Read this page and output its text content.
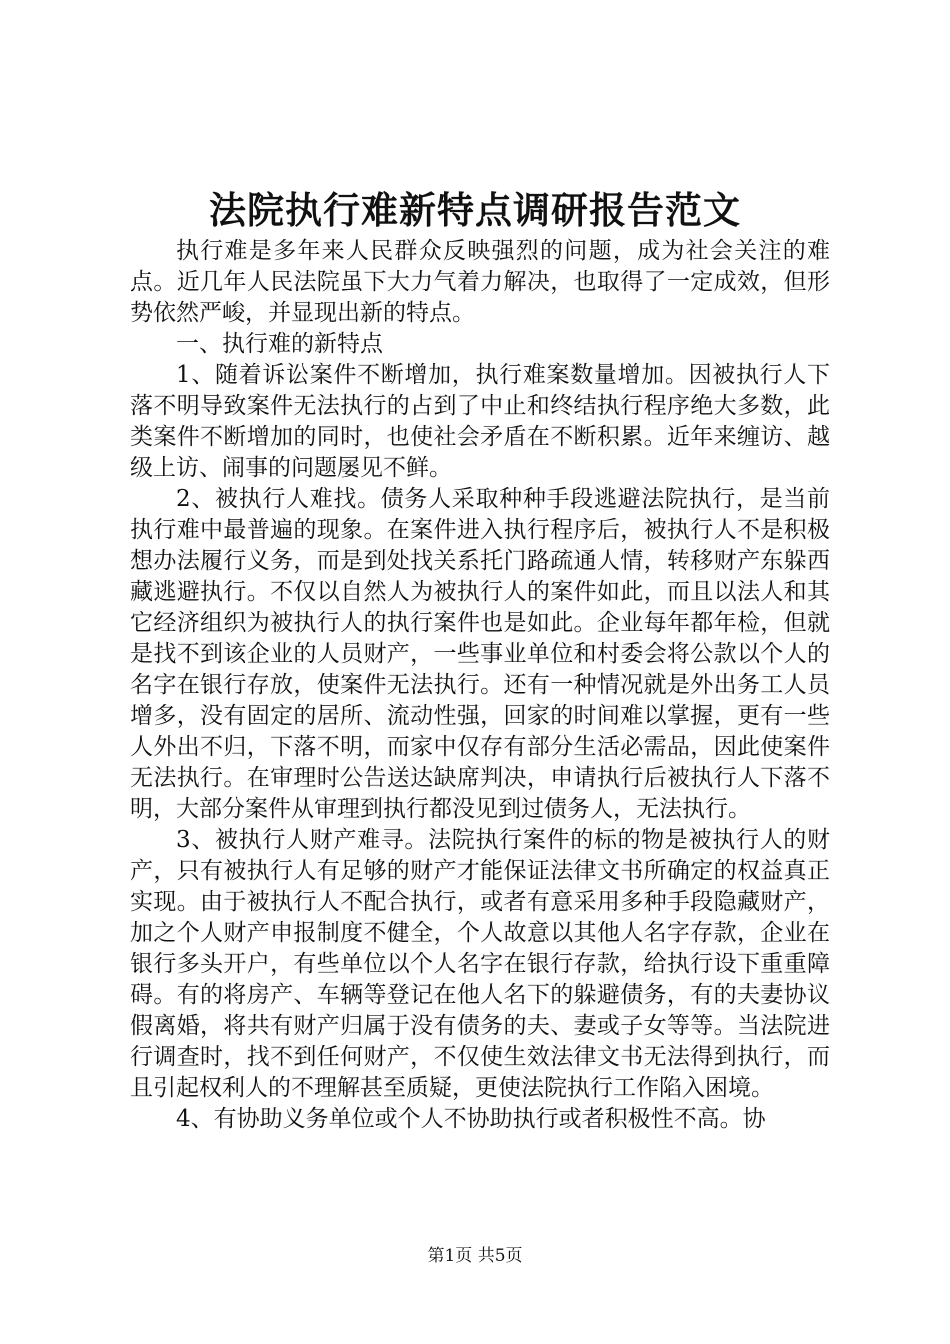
法院执行难新特点调研报告范文

执行难是多年来人民群众反映强烈的问题，成为社会关注的难点。近几年人民法院虽下大力气着力解决，也取得了一定成效，但形势依然严峻，并显现出新的特点。

一、执行难的新特点

1、随着诉讼案件不断增加，执行难案数量增加。因被执行人下落不明导致案件无法执行的占到了中止和终结执行程序绝大多数，此类案件不断增加的同时，也使社会矛盾在不断积累。近年来缠访、越级上访、闹事的问题屡见不鲜。

2、被执行人难找。债务人采取种种手段逃避法院执行，是当前执行难中最普遍的现象。在案件进入执行程序后，被执行人不是积极想办法履行义务，而是到处找关系托门路疏通人情，转移财产东躲西藏逃避执行。不仅以自然人为被执行人的案件如此，而且以法人和其它经济组织为被执行人的执行案件也是如此。企业每年都年检，但就是找不到该企业的人员财产，一些事业单位和村委会将公款以个人的名字在银行存放，使案件无法执行。还有一种情况就是外出务工人员增多，没有固定的居所、流动性强，回家的时间难以掌握，更有一些人外出不归，下落不明，而家中仅存有部分生活必需品，因此使案件无法执行。在审理时公告送达缺席判决，申请执行后被执行人下落不明，大部分案件从审理到执行都没见到过债务人，无法执行。

3、被执行人财产难寻。法院执行案件的标的物是被执行人的财产，只有被执行人有足够的财产才能保证法律文书所确定的权益真正实现。由于被执行人不配合执行，或者有意采用多种手段隐藏财产，加之个人财产申报制度不健全，个人故意以其他人名字存款，企业在银行多头开户，有些单位以个人名字在银行存款，给执行设下重重障碍。有的将房产、车辆等登记在他人名下的躲避债务，有的夫妻协议假离婚，将共有财产归属于没有债务的夫、妻或子女等等。当法院进行调查时，找不到任何财产，不仅使生效法律文书无法得到执行，而且引起权利人的不理解甚至质疑，更使法院执行工作陷入困境。

4、有协助义务单位或个人不协助执行或者积极性不高。协

第1页 共5页
